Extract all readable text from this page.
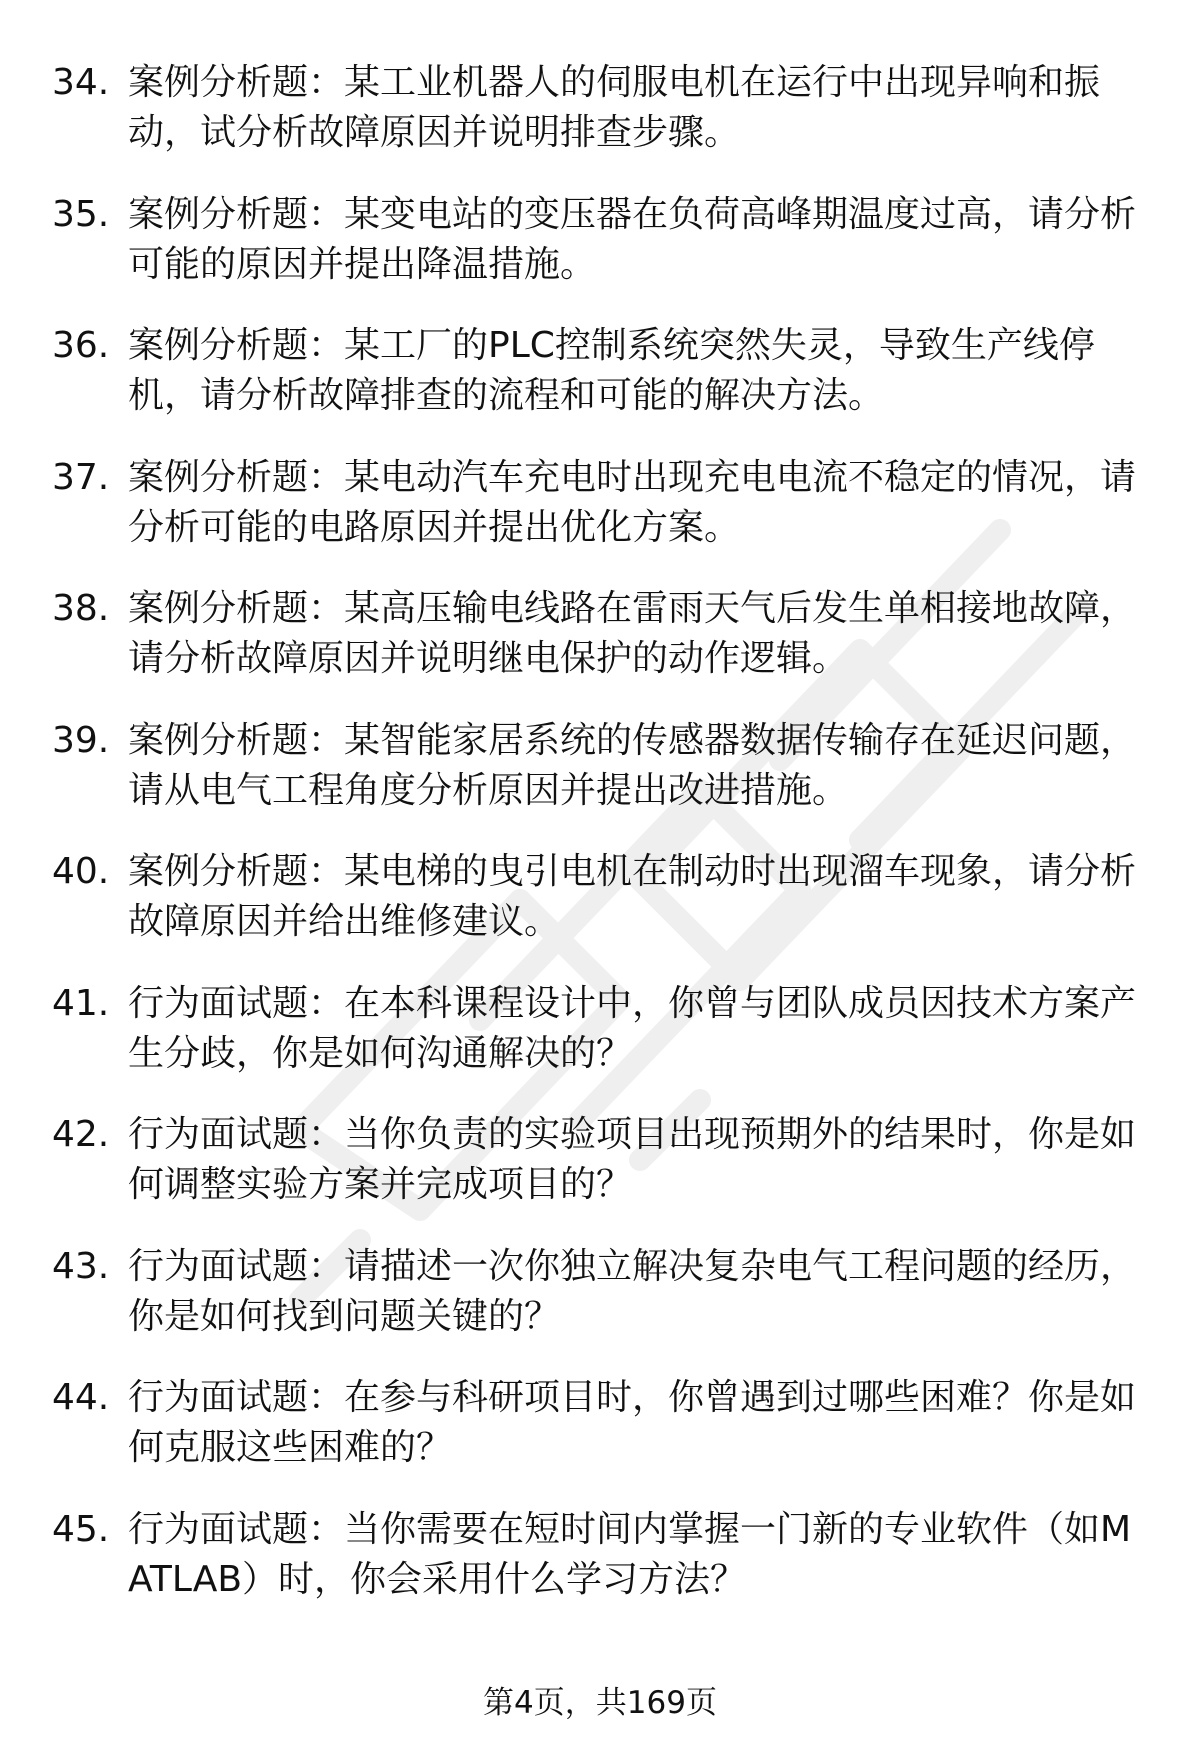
34. 案例分析题：某工业机器人的伺服电机在运行中出现异响和振动，试分析故障原因并说明排查步骤。
35. 案例分析题：某变电站的变压器在负荷高峰期温度过高，请分析可能的原因并提出降温措施。
36. 案例分析题：某工厂的PLC控制系统突然失灵，导致生产线停机，请分析故障排查的流程和可能的解决方法。
37. 案例分析题：某电动汽车充电时出现充电电流不稳定的情况，请分析可能的电路原因并提出优化方案。
38. 案例分析题：某高压输电线路在雷雨天气后发生单相接地故障，请分析故障原因并说明继电保护的动作逻辑。
39. 案例分析题：某智能家居系统的传感器数据传输存在延迟问题，请从电气工程角度分析原因并提出改进措施。
40. 案例分析题：某电梯的曳引电机在制动时出现溜车现象，请分析故障原因并给出维修建议。
41. 行为面试题：在本科课程设计中，你曾与团队成员因技术方案产生分歧，你是如何沟通解决的？
42. 行为面试题：当你负责的实验项目出现预期外的结果时，你是如何调整实验方案并完成项目的？
43. 行为面试题：请描述一次你独立解决复杂电气工程问题的经历，你是如何找到问题关键的？
44. 行为面试题：在参与科研项目时，你曾遇到过哪些困难？你是如何克服这些困难的？
45. 行为面试题：当你需要在短时间内掌握一门新的专业软件（如MATLAB）时，你会采用什么学习方法？
第4页，共169页
